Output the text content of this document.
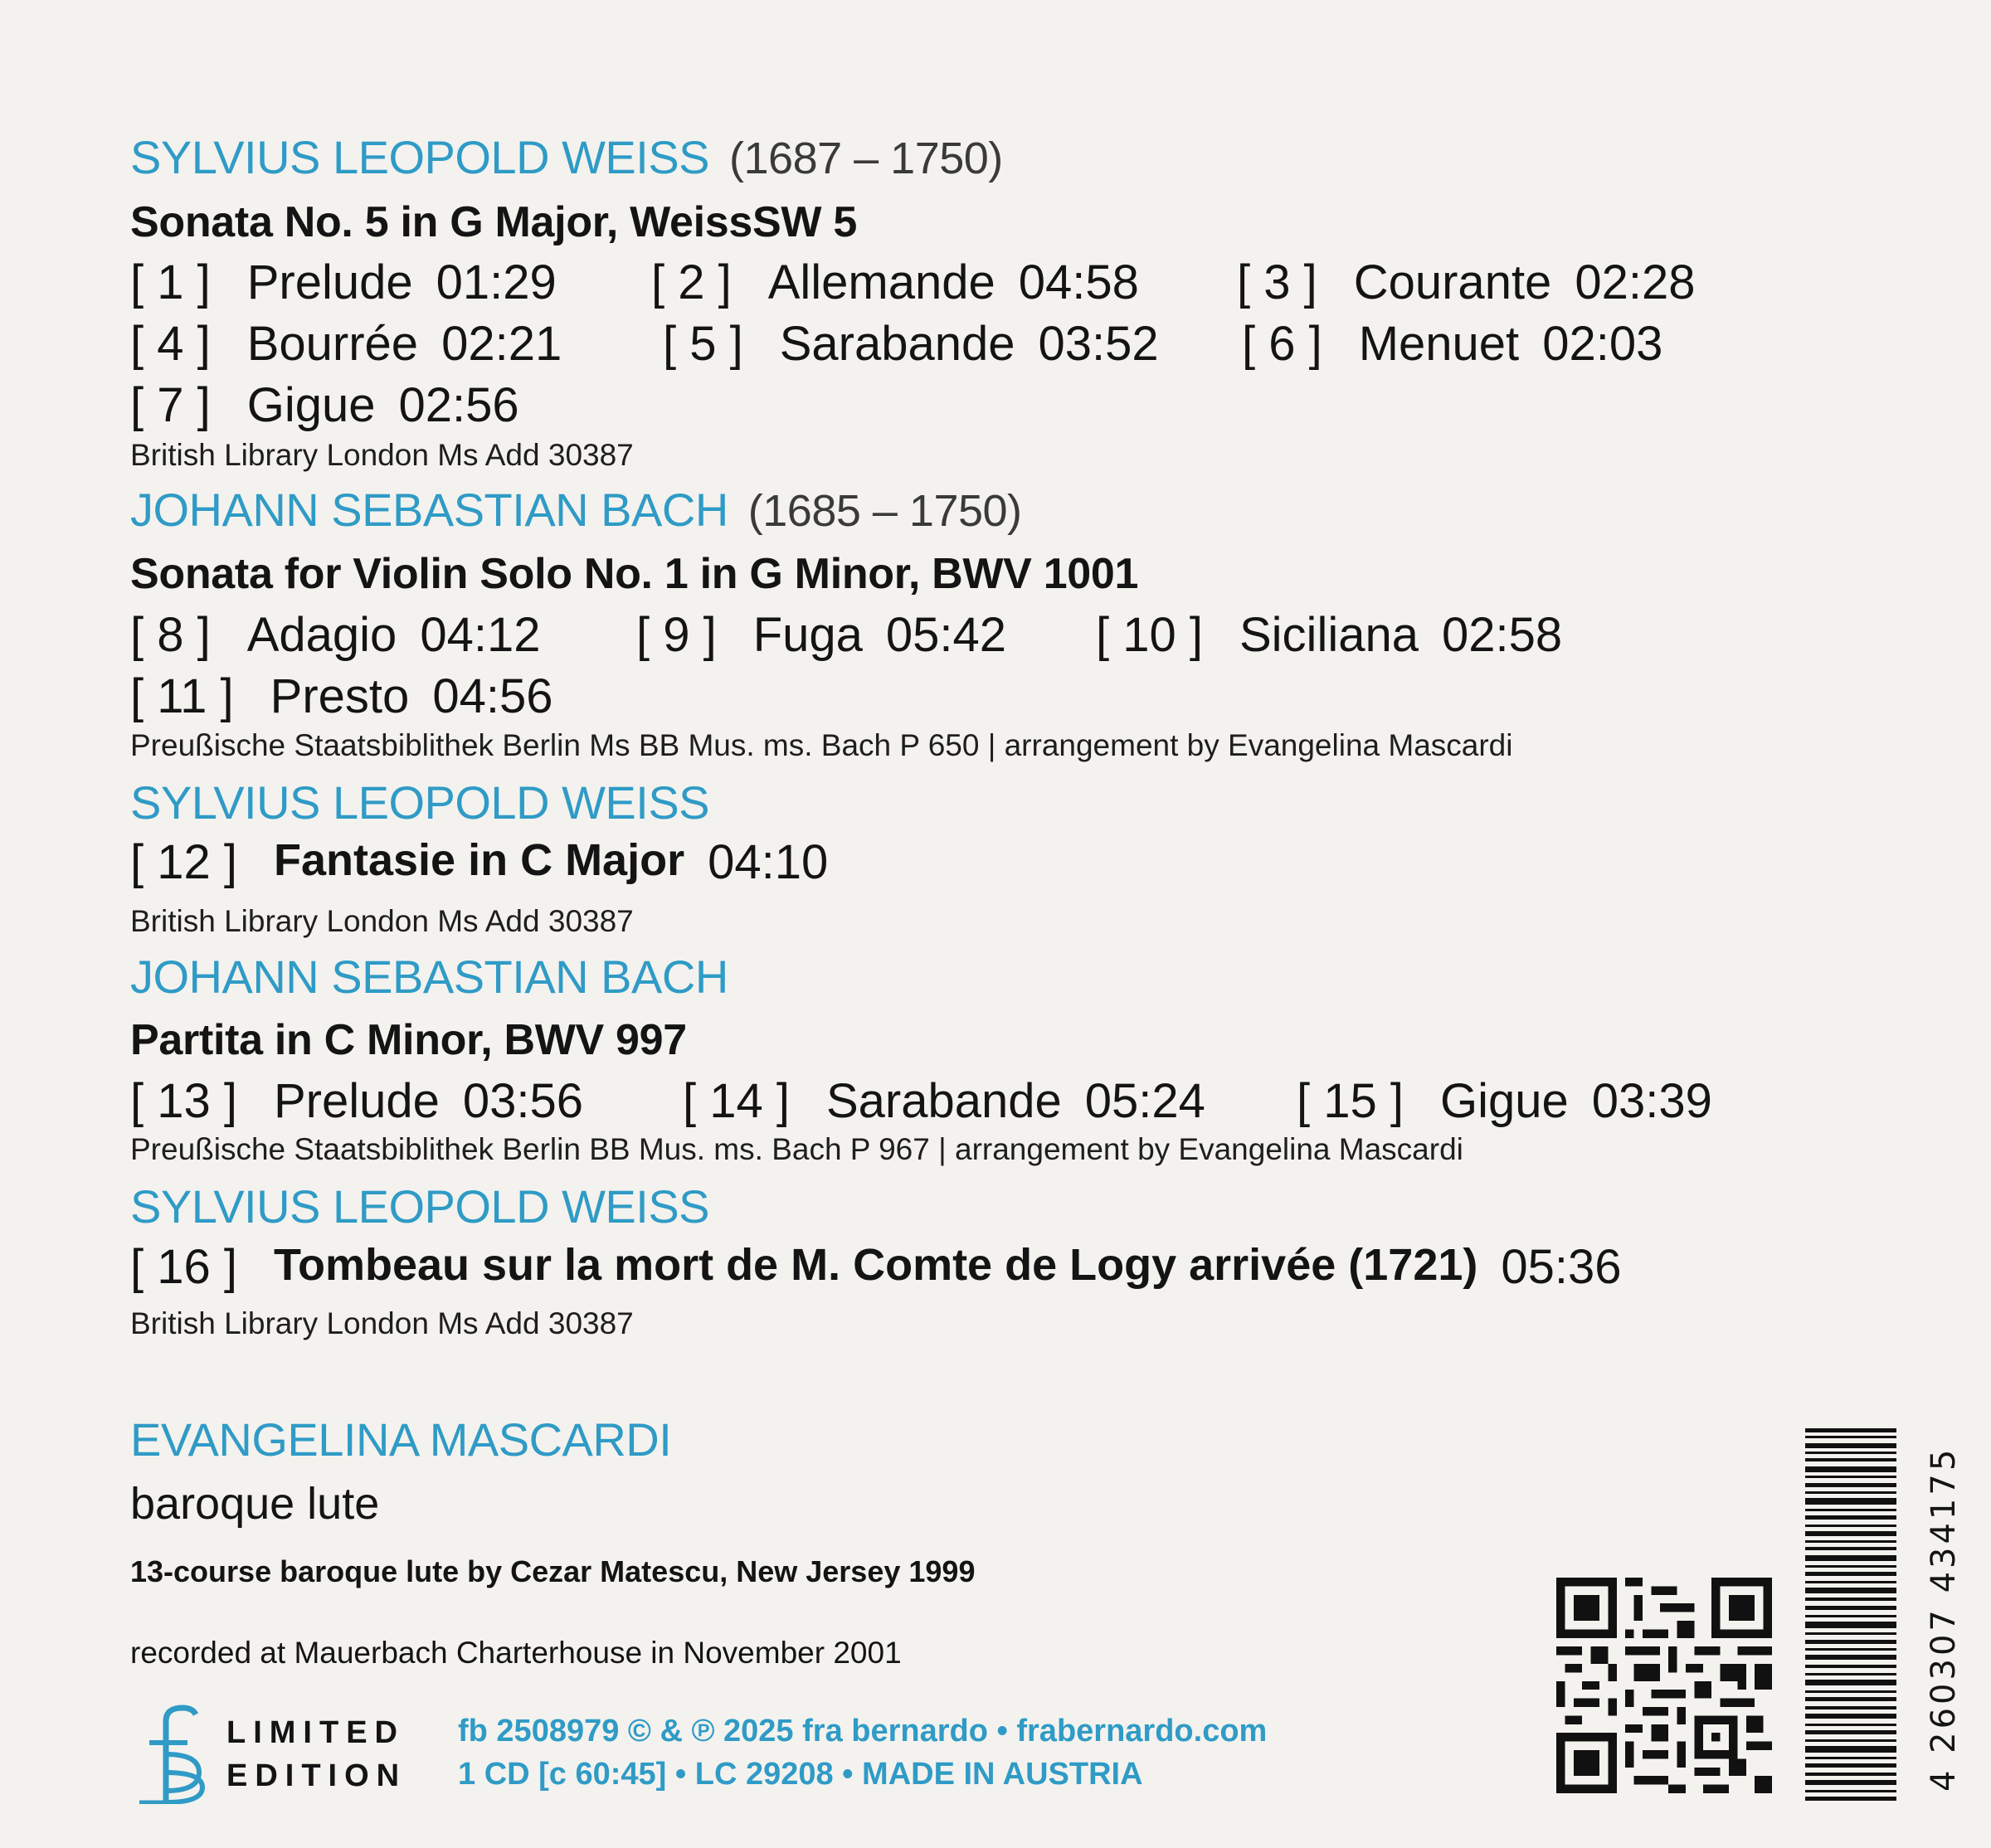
SYLVIUS LEOPOLD WEISS (1687 – 1750)
Sonata No. 5 in G Major, WeissSW 5
[ 1 ] Prelude 01:29 [ 2 ] Allemande 04:58 [ 3 ] Courante 02:28
[ 4 ] Bourrée 02:21 [ 5 ] Sarabande 03:52 [ 6 ] Menuet 02:03
[ 7 ] Gigue 02:56
British Library London Ms Add 30387
JOHANN SEBASTIAN BACH (1685 – 1750)
Sonata for Violin Solo No. 1 in G Minor, BWV 1001
[ 8 ] Adagio 04:12 [ 9 ] Fuga 05:42 [ 10 ] Siciliana 02:58
[ 11 ] Presto 04:56
Preußische Staatsbiblithek Berlin Ms BB Mus. ms. Bach P 650 | arrangement by Evangelina Mascardi
SYLVIUS LEOPOLD WEISS
[ 12 ] Fantasie in C Major 04:10
British Library London Ms Add 30387
JOHANN SEBASTIAN BACH
Partita in C Minor, BWV 997
[ 13 ] Prelude 03:56 [ 14 ] Sarabande 05:24 [ 15 ] Gigue 03:39
Preußische Staatsbiblithek Berlin BB Mus. ms. Bach P 967 | arrangement by Evangelina Mascardi
SYLVIUS LEOPOLD WEISS
[ 16 ] Tombeau sur la mort de M. Comte de Logy arrivée (1721) 05:36
British Library London Ms Add 30387
EVANGELINA MASCARDI
baroque lute
13-course baroque lute by Cezar Matescu, New Jersey 1999
recorded at Mauerbach Charterhouse in November 2001
LIMITED
EDITION
fb 2508979 © & ℗ 2025 fra bernardo • frabernardo.com
1 CD [c 60:45] • LC 29208 • MADE IN AUSTRIA	4 260307 434175
